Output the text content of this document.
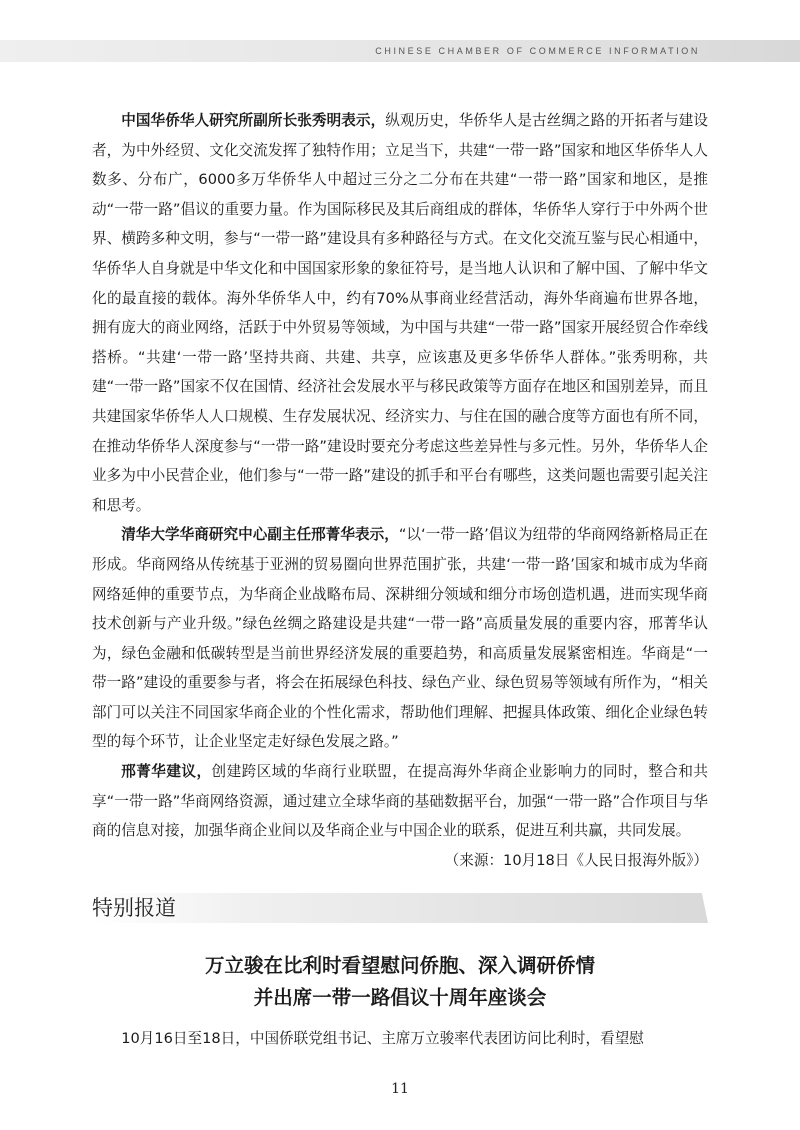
CHINESE CHAMBER OF COMMERCE INFORMATION

中国华侨华人研究所副所长张秀明表示，纵观历史，华侨华人是古丝绸之路的开拓者与建设者，为中外经贸、文化交流发挥了独特作用；立足当下，共建“一带一路”国家和地区华侨华人人数多、分布广，6000多万华侨华人中超过三分之二分布在共建“一带一路”国家和地区，是推动“一带一路”倡议的重要力量。作为国际移民及其后商组成的群体，华侨华人穿行于中外两个世界、横跨多种文明，参与“一带一路”建设具有多种路径与方式。在文化交流互鉴与民心相通中，华侨华人自身就是中华文化和中国国家形象的象征符号，是当地人认识和了解中国、了解中华文化的最直接的载体。海外华侨华人中，约有70%从事商业经营活动，海外华商遍布世界各地，拥有庞大的商业网络，活跃于中外贸易等领域，为中国与共建“一带一路”国家开展经贸合作牵线搭桥。“共建‘一带一路’坚持共商、共建、共享，应该惠及更多华侨华人群体。”张秀明称，共建“一带一路”国家不仅在国情、经济社会发展水平与移民政策等方面存在地区和国别差异，而且共建国家华侨华人人口规模、生存发展状况、经济实力、与住在国的融合度等方面也有所不同，在推动华侨华人深度参与“一带一路”建设时要充分考虑这些差异性与多元性。另外，华侨华人企业多为中小民营企业，他们参与“一带一路”建设的抓手和平台有哪些，这类问题也需要引起关注和思考。

清华大学华商研究中心副主任邢菁华表示，“以‘一带一路’倡议为纽带的华商网络新格局正在形成。华商网络从传统基于亚洲的贸易圈向世界范围扩张，共建‘一带一路’国家和城市成为华商网络延伸的重要节点，为华商企业战略布局、深耕细分领域和细分市场创造机遇，进而实现华商技术创新与产业升级。”绿色丝绸之路建设是共建“一带一路”高质量发展的重要内容，邢菁华认为，绿色金融和低碳转型是当前世界经济发展的重要趋势，和高质量发展紧密相连。华商是“一带一路”建设的重要参与者，将会在拓展绿色科技、绿色产业、绿色贸易等领域有所作为，“相关部门可以关注不同国家华商企业的个性化需求，帮助他们理解、把握具体政策、细化企业绿色转型的每个环节，让企业坚定走好绿色发展之路。”

邢菁华建议，创建跨区域的华商行业联盟，在提高海外华商企业影响力的同时，整合和共享“一带一路”华商网络资源，通过建立全球华商的基础数据平台，加强“一带一路”合作项目与华商的信息对接，加强华商企业间以及华商企业与中国企业的联系，促进互利共赢，共同发展。

（来源：10月18日《人民日报海外版》）

特别报道
万立骏在比利时看望慰问侨胞、深入调研侨情
并出席一带一路倡议十周年座谈会

10月16日至18日，中国侨联党组书记、主席万立骏率代表团访问比利时，看望慰

11
